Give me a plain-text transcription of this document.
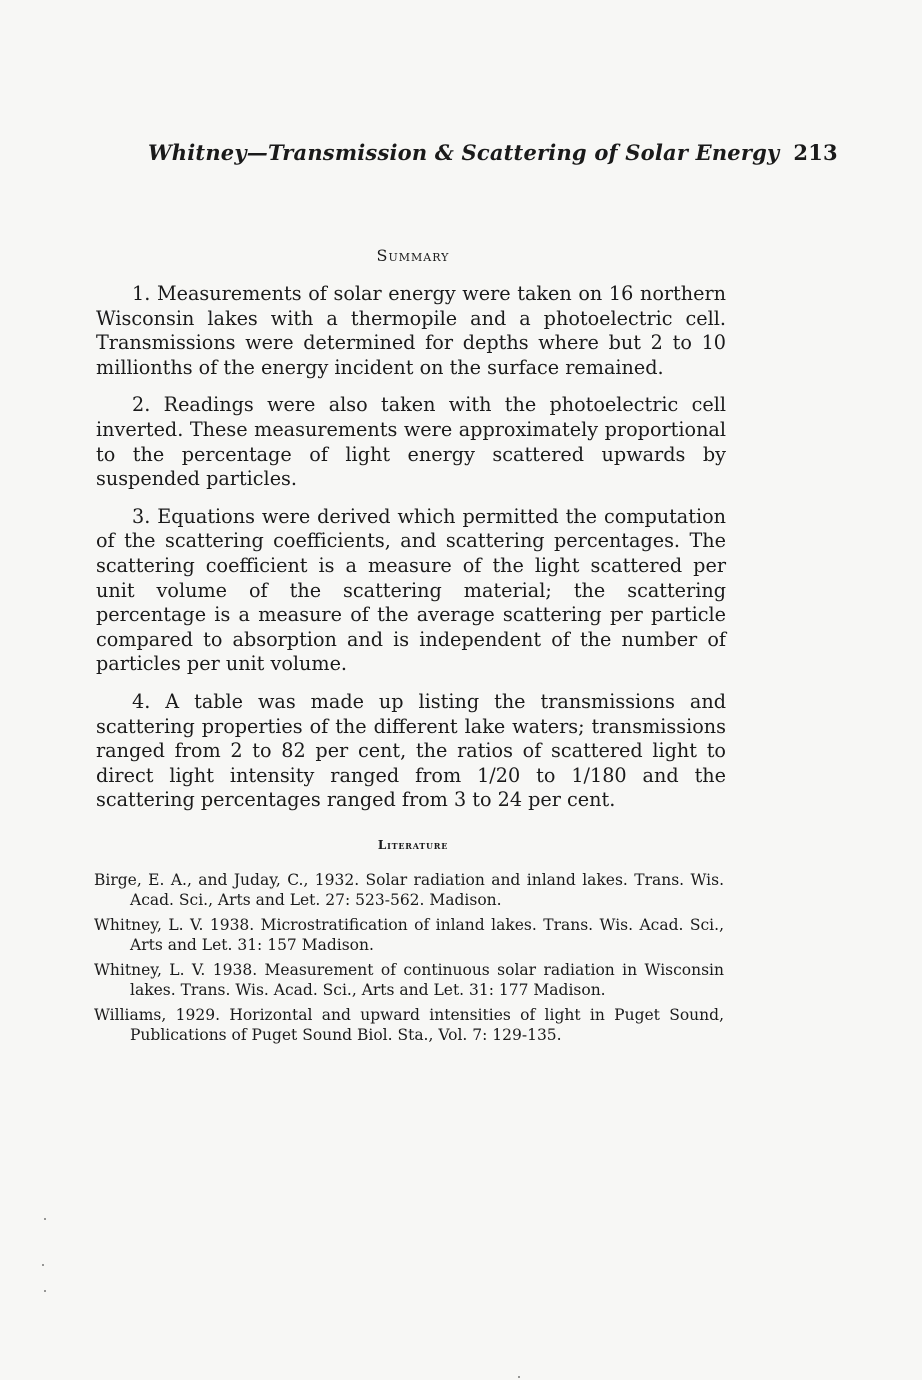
Whitney—Transmission & Scattering of Solar Energy 213
Summary

1. Measurements of solar energy were taken on 16 northern Wisconsin lakes with a thermopile and a photoelectric cell. Transmissions were determined for depths where but 2 to 10 millionths of the energy incident on the surface remained.

2. Readings were also taken with the photoelectric cell inverted. These measurements were approximately proportional to the percentage of light energy scattered upwards by suspended particles.

3. Equations were derived which permitted the computation of the scattering coefficients, and scattering percentages. The scattering coefficient is a measure of the light scattered per unit volume of the scattering material; the scattering percentage is a measure of the average scattering per particle compared to absorption and is independent of the number of particles per unit volume.

4. A table was made up listing the transmissions and scattering properties of the different lake waters; transmissions ranged from 2 to 82 per cent, the ratios of scattered light to direct light intensity ranged from 1/20 to 1/180 and the scattering percentages ranged from 3 to 24 per cent.

Literature
Birge, E. A., and Juday, C., 1932. Solar radiation and inland lakes. Trans. Wis. Acad. Sci., Arts and Let. 27: 523-562. Madison.
Whitney, L. V. 1938. Microstratification of inland lakes. Trans. Wis. Acad. Sci., Arts and Let. 31: 157 Madison.
Whitney, L. V. 1938. Measurement of continuous solar radiation in Wisconsin lakes. Trans. Wis. Acad. Sci., Arts and Let. 31: 177 Madison.
Williams, 1929. Horizontal and upward intensities of light in Puget Sound, Publications of Puget Sound Biol. Sta., Vol. 7: 129-135.
